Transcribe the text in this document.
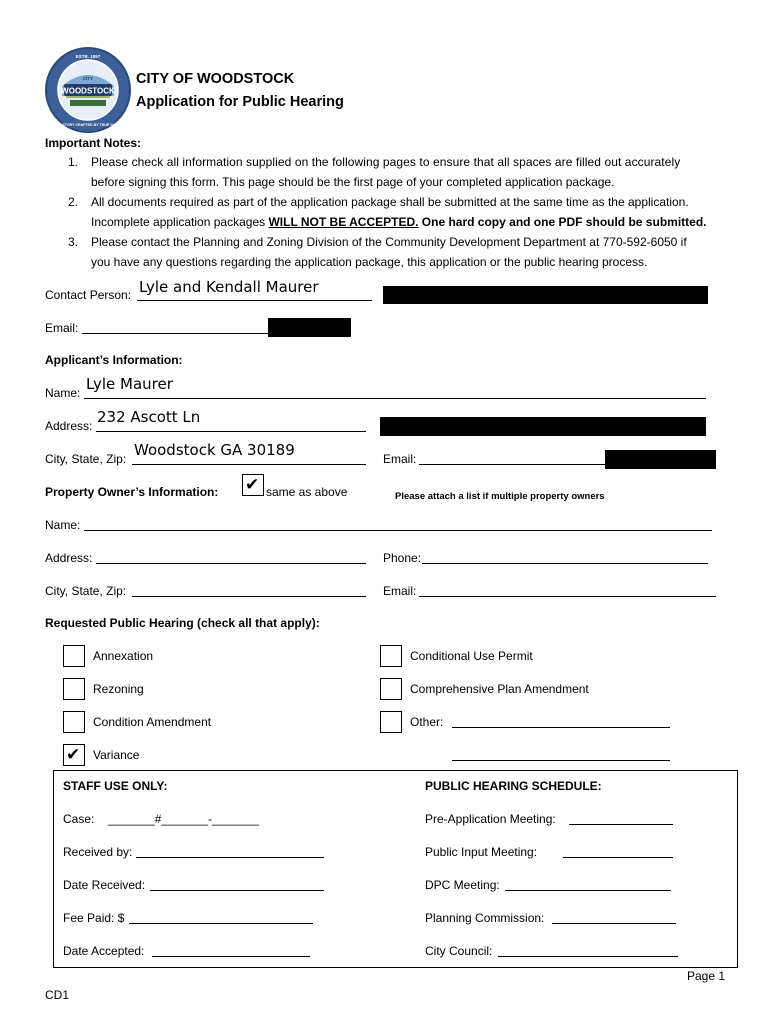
WOODSTOCK
CITY
ESTB. 1897
YOUR STORY CRAFTED BY TRUE NATURE
CITY OF WOODSTOCK
Application for Public Hearing
Important Notes:
1. Please check all information supplied on the following pages to ensure that all spaces are filled out accurately
before signing this form. This page should be the first page of your completed application package.
2. All documents required as part of the application package shall be submitted at the same time as the application.
Incomplete application packages WILL NOT BE ACCEPTED. One hard copy and one PDF should be submitted.
3. Please contact the Planning and Zoning Division of the Community Development Department at 770-592-6050 if
you have any questions regarding the application package, this application or the public hearing process.
Contact Person: Lyle and Kendall Maurer
Email:
Applicant’s Information:
Name: Lyle Maurer
Address: 232 Ascott Ln
City, State, Zip: Woodstock GA 30189	Email:
Property Owner’s Information: ✔ same as above	Please attach a list if multiple property owners
Name:
Address:	Phone:
City, State, Zip:	Email:
Requested Public Hearing (check all that apply):
Annexation
Rezoning
Condition Amendment
✔ Variance
Conditional Use Permit
Comprehensive Plan Amendment
Other:
STAFF USE ONLY:
Case: _______#_______-_______
Received by:
Date Received:
Fee Paid: $
Date Accepted:
PUBLIC HEARING SCHEDULE:
Pre-Application Meeting:
Public Input Meeting:
DPC Meeting:
Planning Commission:
City Council:
Page 1
CD1
